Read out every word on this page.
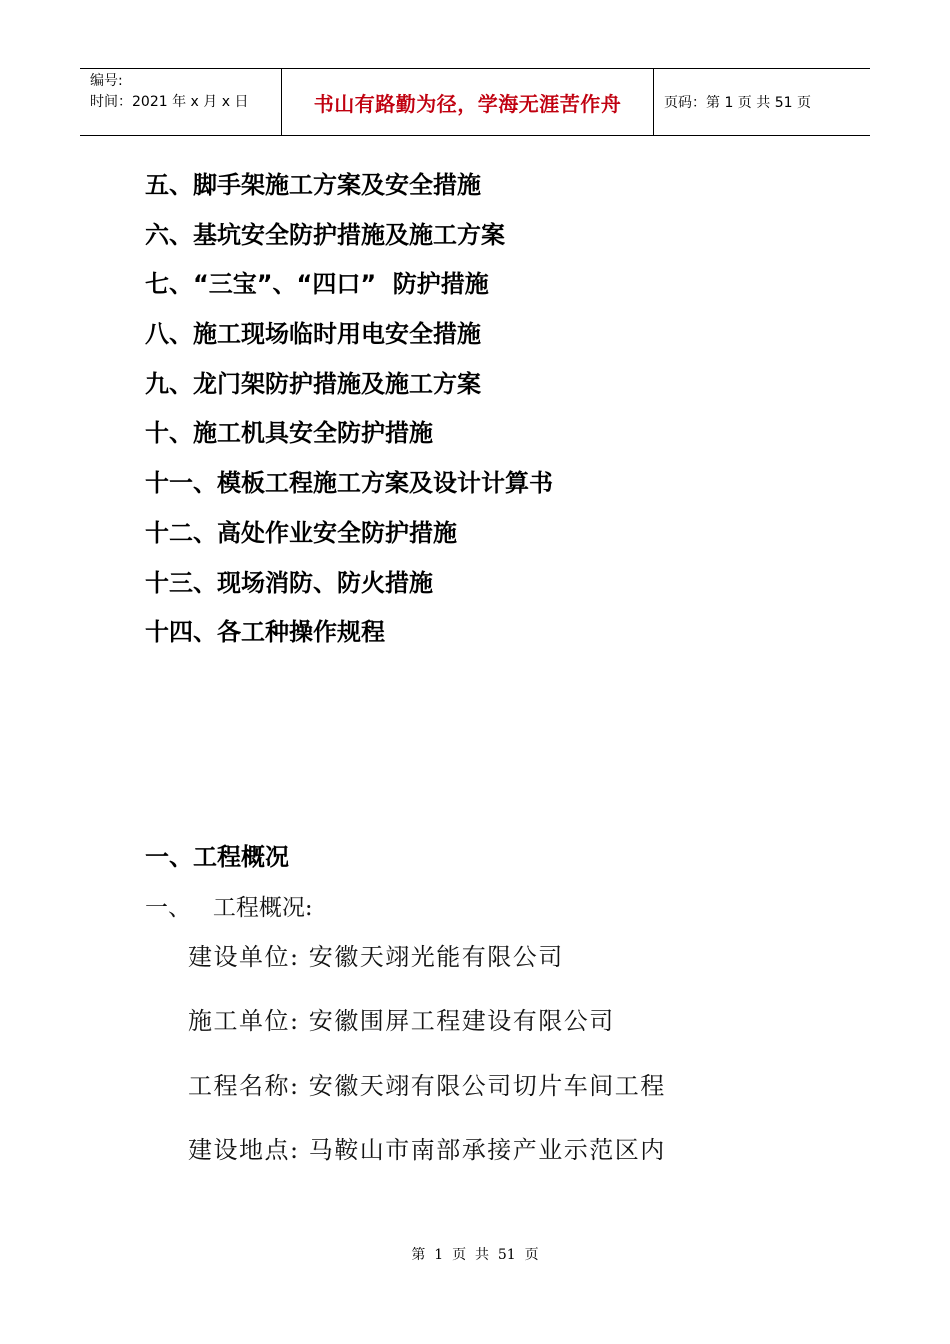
编号:
时间：2021 年 x 月 x 日	书山有路勤为径，学海无涯苦作舟	页码：第 1 页 共 51 页
五、脚手架施工方案及安全措施
六、基坑安全防护措施及施工方案
七、“三宝”、“四口”  防护措施
八、施工现场临时用电安全措施
九、龙门架防护措施及施工方案
十、施工机具安全防护措施
十一、模板工程施工方案及设计计算书
十二、高处作业安全防护措施
十三、现场消防、防火措施
十四、各工种操作规程
一、工程概况
一、   工程概况:
建设单位: 安徽天翊光能有限公司
施工单位: 安徽围屏工程建设有限公司
工程名称: 安徽天翊有限公司切片车间工程
建设地点: 马鞍山市南部承接产业示范区内
第  1  页  共  51  页
